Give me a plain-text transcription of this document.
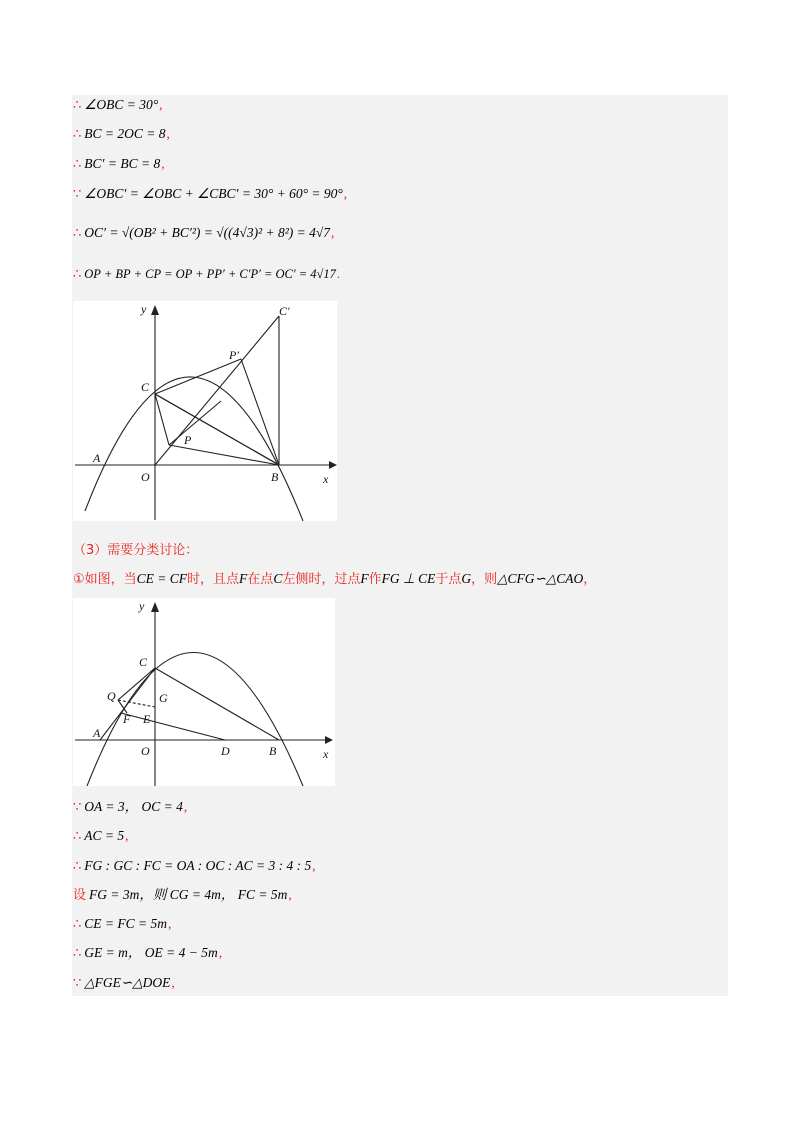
∴ ∠OBC = 30°,
∴ BC = 2OC = 8,
∴ BC′ = BC = 8,
∵ ∠OBC′ = ∠OBC + ∠CBC′ = 30° + 60° = 90°,
∴ OC′ = √(OB² + BC′²) = √((4√3)² + 8²) = 4√7,
∴ OP + BP + CP = OP + PP′ + C′P′ = OC′ = 4√17.
y
x
C′
P′
C
P
A
O	B
（3）需要分类讨论：
①如图，当CE = CF时，且点F在点C左侧时，过点F作FG ⊥ CE于点G，则△CFG∽△CAO，
y
x
C
Q	G
F E
A
O	D	B
∵ OA = 3， OC = 4,
∴ AC = 5,
∴ FG : GC : FC = OA : OC : AC = 3 : 4 : 5,
设 FG = 3m，则 CG = 4m， FC = 5m,
∴ CE = FC = 5m,
∴ GE = m， OE = 4 − 5m,
∵ △FGE∽△DOE,
